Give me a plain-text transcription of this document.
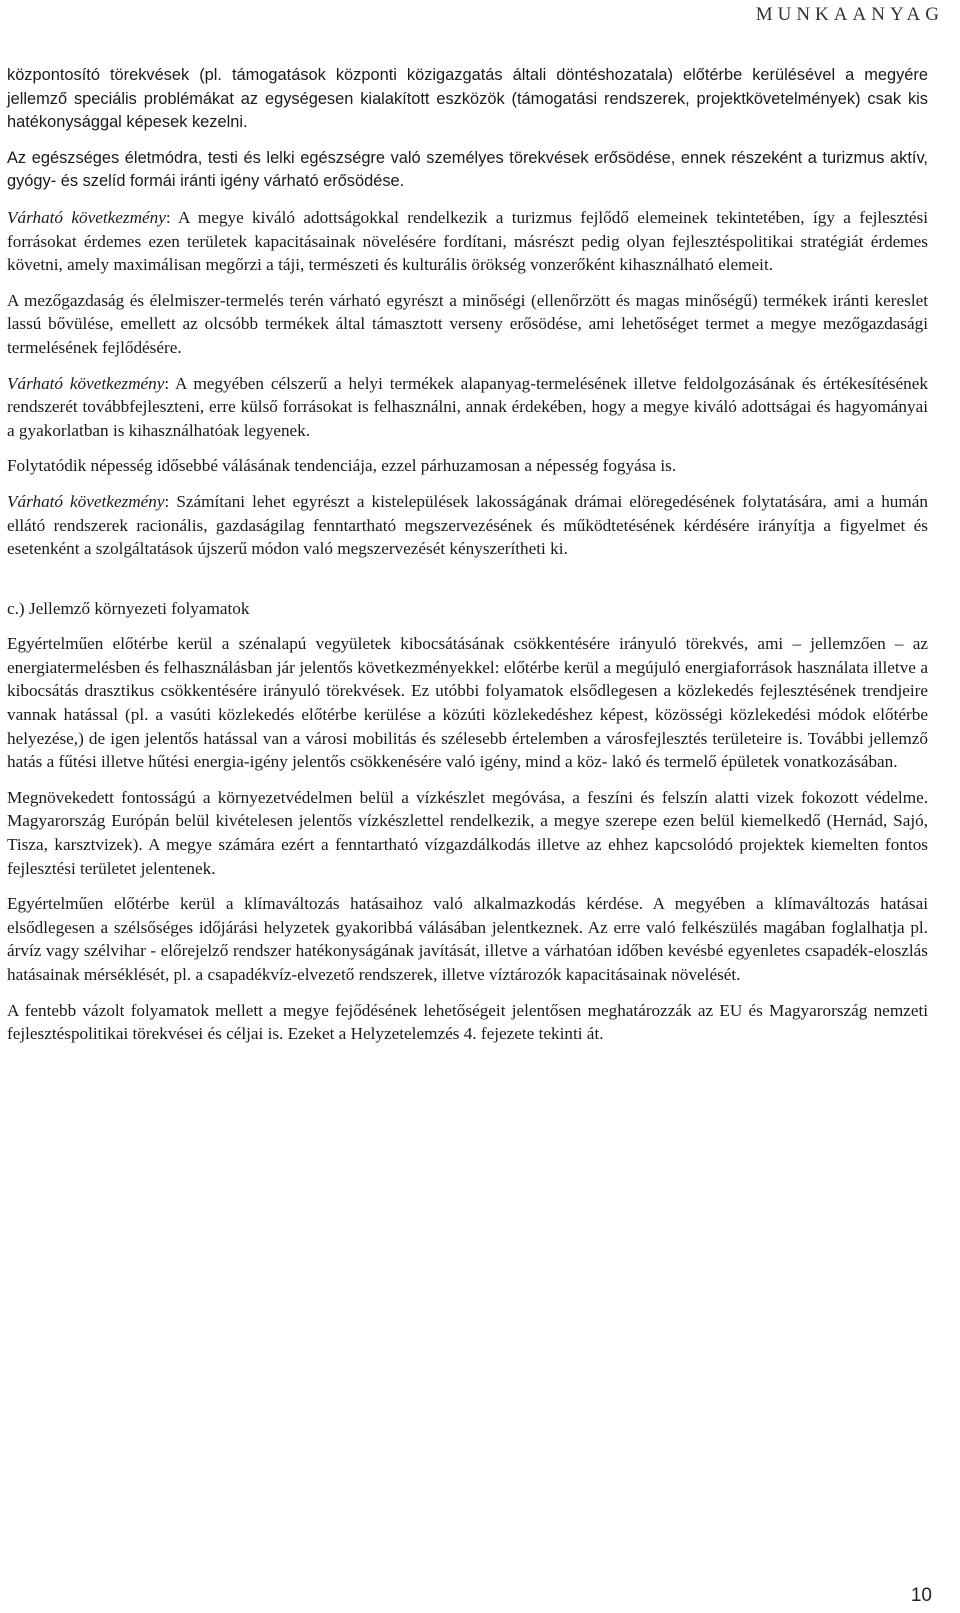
MUNKAANYAG

központosító törekvések (pl. támogatások központi közigazgatás általi döntéshozatala) előtérbe kerülésével a megyére jellemző speciális problémákat az egységesen kialakított eszközök (támogatási rendszerek, projektkövetelmények) csak kis hatékonysággal képesek kezelni.

Az egészséges életmódra, testi és lelki egészségre való személyes törekvések erősödése, ennek részeként a turizmus aktív, gyógy- és szelíd formái iránti igény várható erősödése.

Várható következmény: A megye kiváló adottságokkal rendelkezik a turizmus fejlődő elemeinek tekintetében, így a fejlesztési forrásokat érdemes ezen területek kapacitásainak növelésére fordítani, másrészt pedig olyan fejlesztéspolitikai stratégiát érdemes követni, amely maximálisan megőrzi a táji, természeti és kulturális örökség vonzerőként kihasználható elemeit.

A mezőgazdaság és élelmiszer-termelés terén várható egyrészt a minőségi (ellenőrzött és magas minőségű) termékek iránti kereslet lassú bővülése, emellett az olcsóbb termékek által támasztott verseny erősödése, ami lehetőséget termet a megye mezőgazdasági termelésének fejlődésére.

Várható következmény: A megyében célszerű a helyi termékek alapanyag-termelésének illetve feldolgozásának és értékesítésének rendszerét továbbfejleszteni, erre külső forrásokat is felhasználni, annak érdekében, hogy a megye kiváló adottságai és hagyományai a gyakorlatban is kihasználhatóak legyenek.

Folytatódik népesség idősebbé válásának tendenciája, ezzel párhuzamosan a népesség fogyása is.

Várható következmény: Számítani lehet egyrészt a kistelepülések lakosságának drámai elöregedésének folytatására, ami a humán ellátó rendszerek racionális, gazdaságilag fenntartható megszervezésének és működtetésének kérdésére irányítja a figyelmet és esetenként a szolgáltatások újszerű módon való megszervezését kényszerítheti ki.

c.) Jellemző környezeti folyamatok

Egyértelműen előtérbe kerül a szénalapú vegyületek kibocsátásának csökkentésére irányuló törekvés, ami – jellemzően – az energiatermelésben és felhasználásban jár jelentős következményekkel: előtérbe kerül a megújuló energiaforrások használata illetve a kibocsátás drasztikus csökkentésére irányuló törekvések. Ez utóbbi folyamatok elsődlegesen a közlekedés fejlesztésének trendjeire vannak hatással (pl. a vasúti közlekedés előtérbe kerülése a közúti közlekedéshez képest, közösségi közlekedési módok előtérbe helyezése,) de igen jelentős hatással van a városi mobilitás és szélesebb értelemben a városfejlesztés területeire is. További jellemző hatás a fűtési illetve hűtési energia-igény jelentős csökkenésére való igény, mind a köz- lakó és termelő épületek vonatkozásában.

Megnövekedett fontosságú a környezetvédelmen belül a vízkészlet megóvása, a feszíni és felszín alatti vizek fokozott védelme. Magyarország Európán belül kivételesen jelentős vízkészlettel rendelkezik, a megye szerepe ezen belül kiemelkedő (Hernád, Sajó, Tisza, karsztvizek). A megye számára ezért a fenntartható vízgazdálkodás illetve az ehhez kapcsolódó projektek kiemelten fontos fejlesztési területet jelentenek.

Egyértelműen előtérbe kerül a klímaváltozás hatásaihoz való alkalmazkodás kérdése. A megyében a klímaváltozás hatásai elsődlegesen a szélsőséges időjárási helyzetek gyakoribbá válásában jelentkeznek. Az erre való felkészülés magában foglalhatja pl. árvíz vagy szélvihar - előrejelző rendszer hatékonyságának javítását, illetve a várhatóan időben kevésbé egyenletes csapadék-eloszlás hatásainak mérséklését, pl. a csapadékvíz-elvezető rendszerek, illetve víztározók kapacitásainak növelését.

A fentebb vázolt folyamatok mellett a megye fejődésének lehetőségeit jelentősen meghatározzák az EU és Magyarország nemzeti fejlesztéspolitikai törekvései és céljai is. Ezeket a Helyzetelemzés 4. fejezete tekinti át.

10
